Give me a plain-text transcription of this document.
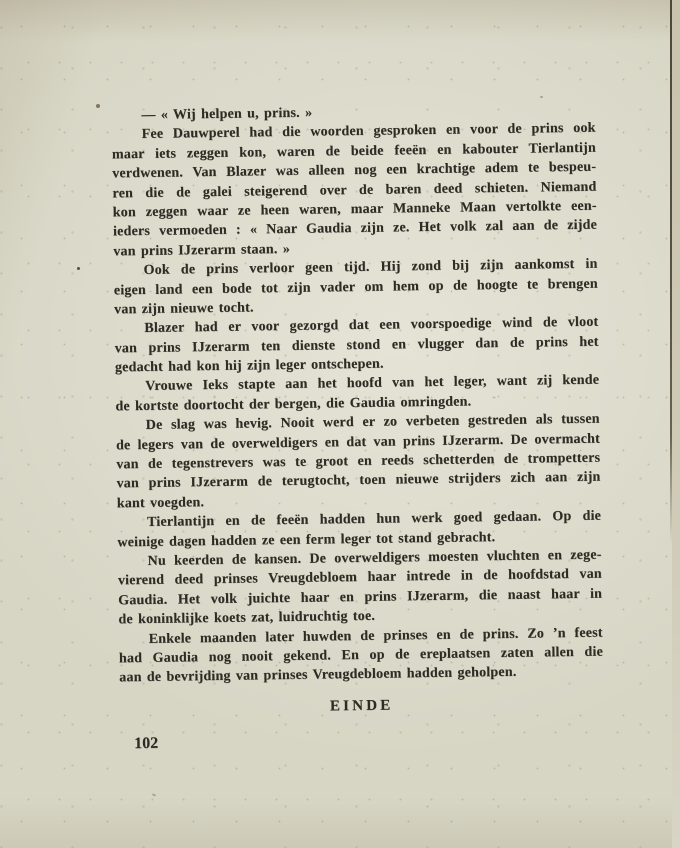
— « Wij helpen u, prins. »
Fee Dauwperel had die woorden gesproken en voor de prins ook
maar iets zeggen kon, waren de beide feeën en kabouter Tierlantijn
verdwenen. Van Blazer was alleen nog een krachtige adem te bespeu-
ren die de galei steigerend over de baren deed schieten. Niemand
kon zeggen waar ze heen waren, maar Manneke Maan vertolkte een-
ieders vermoeden : « Naar Gaudia zijn ze. Het volk zal aan de zijde
van prins IJzerarm staan. »
Ook de prins verloor geen tijd. Hij zond bij zijn aankomst in
eigen land een bode tot zijn vader om hem op de hoogte te brengen
van zijn nieuwe tocht.
Blazer had er voor gezorgd dat een voorspoedige wind de vloot
van prins IJzerarm ten dienste stond en vlugger dan de prins het
gedacht had kon hij zijn leger ontschepen.
Vrouwe Ieks stapte aan het hoofd van het leger, want zij kende
de kortste doortocht der bergen, die Gaudia omringden.
De slag was hevig. Nooit werd er zo verbeten gestreden als tussen
de legers van de overweldigers en dat van prins IJzerarm. De overmacht
van de tegenstrevers was te groot en reeds schetterden de trompetters
van prins IJzerarm de terugtocht, toen nieuwe strijders zich aan zijn
kant voegden.
Tierlantijn en de feeën hadden hun werk goed gedaan. Op die
weinige dagen hadden ze een ferm leger tot stand gebracht.
Nu keerden de kansen. De overweldigers moesten vluchten en zege-
vierend deed prinses Vreugdebloem haar intrede in de hoofdstad van
Gaudia. Het volk juichte haar en prins IJzerarm, die naast haar in
de koninklijke koets zat, luidruchtig toe.
Enkele maanden later huwden de prinses en de prins. Zo ’n feest
had Gaudia nog nooit gekend. En op de ereplaatsen zaten allen die
aan de bevrijding van prinses Vreugdebloem hadden geholpen.
EINDE
102
